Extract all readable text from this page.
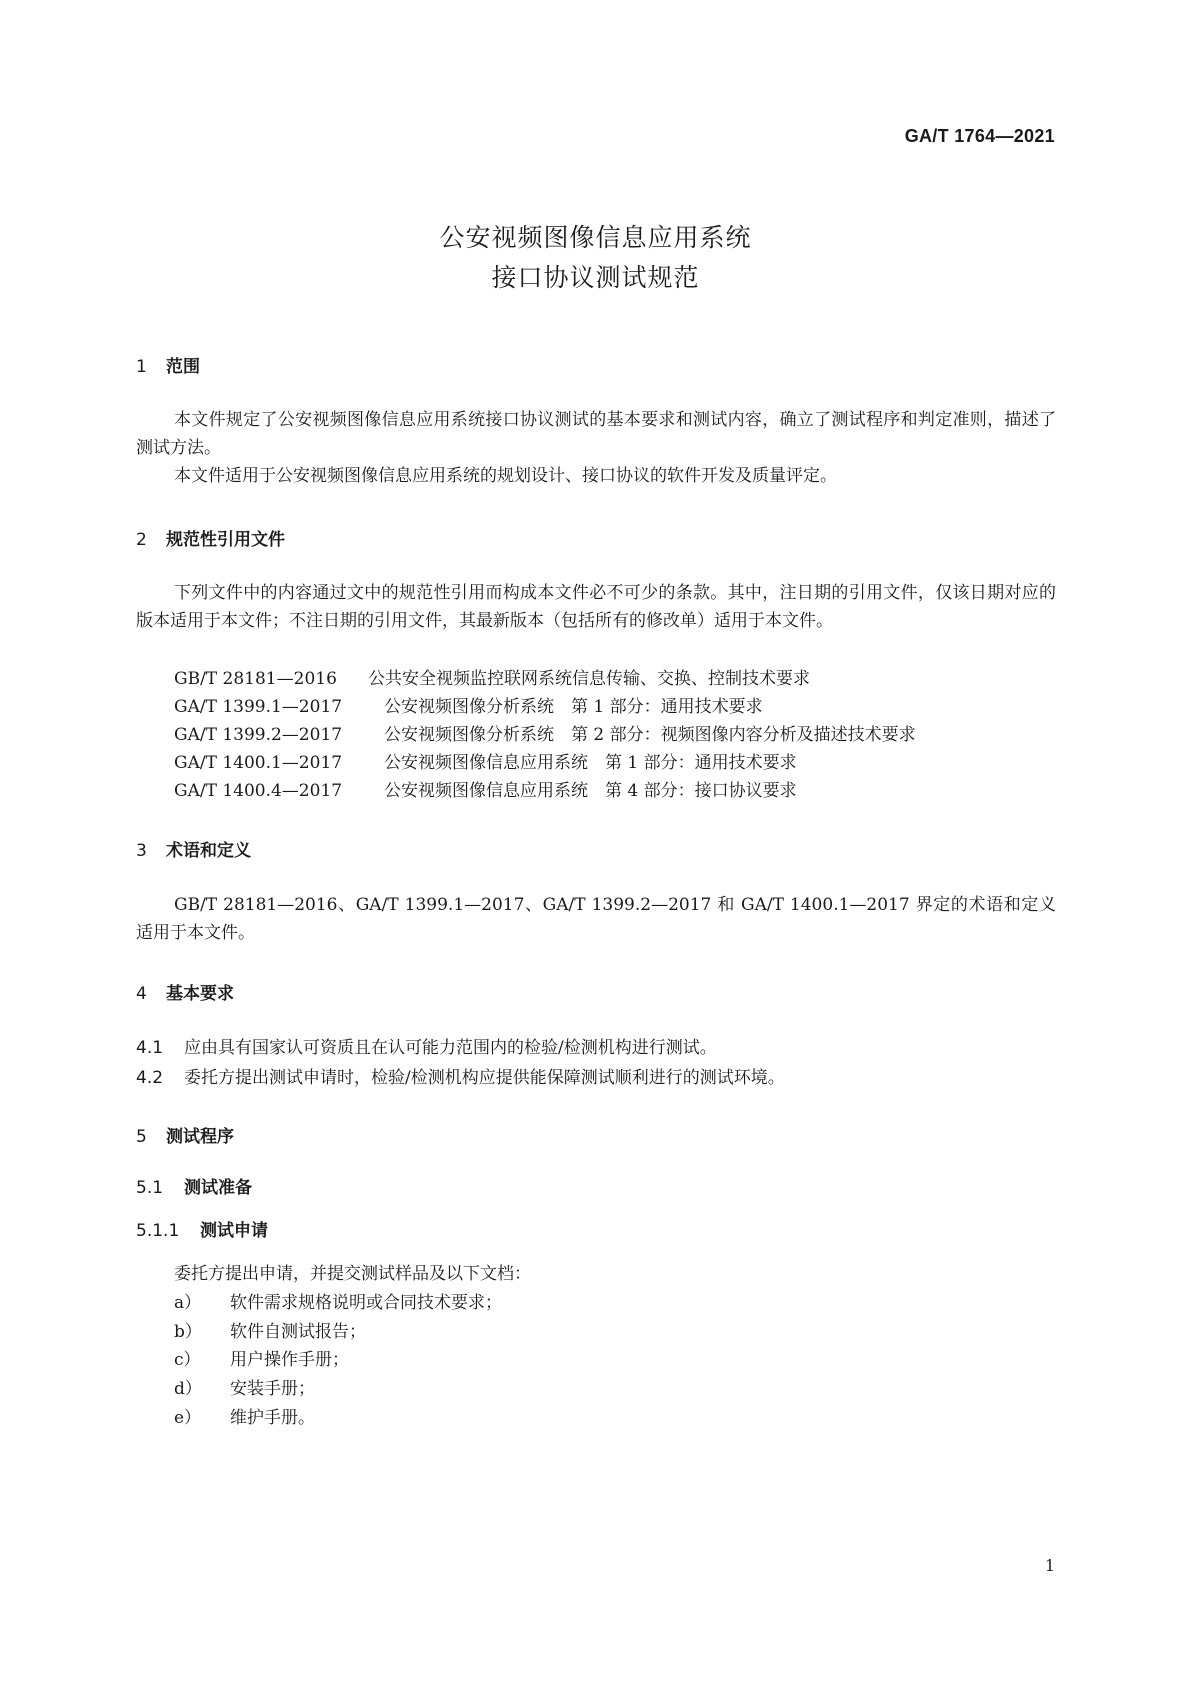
GA/T 1764—2021
公安视频图像信息应用系统
接口协议测试规范
1 范围
本文件规定了公安视频图像信息应用系统接口协议测试的基本要求和测试内容，确立了测试程序和判定准则，描述了测试方法。
本文件适用于公安视频图像信息应用系统的规划设计、接口协议的软件开发及质量评定。
2 规范性引用文件
下列文件中的内容通过文中的规范性引用而构成本文件必不可少的条款。其中，注日期的引用文件，仅该日期对应的版本适用于本文件；不注日期的引用文件，其最新版本（包括所有的修改单）适用于本文件。
GB/T 28181—2016 公共安全视频监控联网系统信息传输、交换、控制技术要求
GA/T 1399.1—2017 公安视频图像分析系统　第 1 部分：通用技术要求
GA/T 1399.2—2017 公安视频图像分析系统　第 2 部分：视频图像内容分析及描述技术要求
GA/T 1400.1—2017 公安视频图像信息应用系统　第 1 部分：通用技术要求
GA/T 1400.4—2017 公安视频图像信息应用系统　第 4 部分：接口协议要求
3 术语和定义
GB/T 28181—2016、GA/T 1399.1—2017、GA/T 1399.2—2017 和 GA/T 1400.1—2017 界定的术语和定义适用于本文件。
4 基本要求
4.1 应由具有国家认可资质且在认可能力范围内的检验/检测机构进行测试。
4.2 委托方提出测试申请时，检验/检测机构应提供能保障测试顺利进行的测试环境。
5 测试程序
5.1 测试准备
5.1.1 测试申请
委托方提出申请，并提交测试样品及以下文档：
a） 软件需求规格说明或合同技术要求；
b） 软件自测试报告；
c） 用户操作手册；
d） 安装手册；
e） 维护手册。
1
